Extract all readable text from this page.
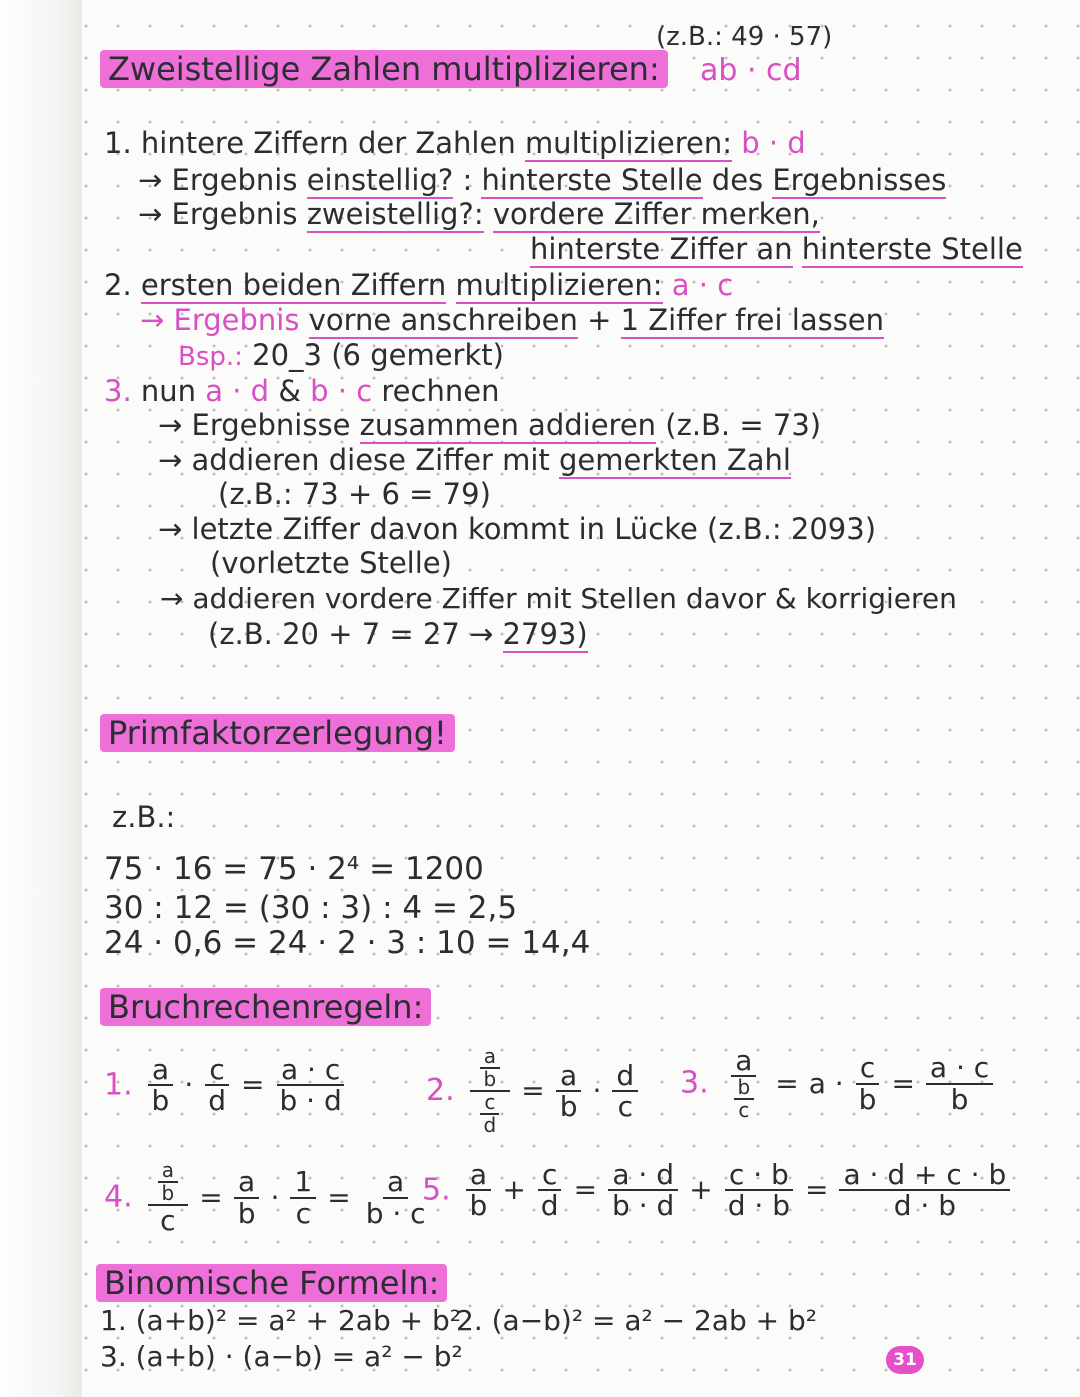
Zweistellige Zahlen multiplizieren:
(z.B.: 49 · 57)
ab · cd
1. hintere Ziffern der Zahlen multiplizieren: b · d
→ Ergebnis einstellig? : hinterste Stelle des Ergebnisses
→ Ergebnis zweistellig?: vordere Ziffer merken,
hinterste Ziffer an hinterste Stelle
2. ersten beiden Ziffern multiplizieren: a · c
→ Ergebnis vorne anschreiben + 1 Ziffer frei lassen
Bsp.: 20_3 (6 gemerkt)
3. nun a · d & b · c rechnen
→ Ergebnisse zusammen addieren (z.B. = 73)
→ addieren diese Ziffer mit gemerkten Zahl
(z.B.: 73 + 6 = 79)
→ letzte Ziffer davon kommt in Lücke (z.B.: 2093)
(vorletzte Stelle)
→ addieren vordere Ziffer mit Stellen davor & korrigieren
(z.B. 20 + 7 = 27 → 2793)
Primfaktorzerlegung!
z.B.:
75 · 16 = 75 · 2⁴ = 1200
30 : 12 = (30 : 3) : 4 = 2,5
24 · 0,6 = 24 · 2 · 3 : 10 = 14,4
Bruchrechenregeln:
1. $\frac{a}{b} \cdot \frac{c}{d} = \frac{a \cdot c}{b \cdot d}$	2. $\frac{\frac{a}{b}}{\frac{c}{d}} = \frac{a}{b} \cdot \frac{d}{c} 3$. $\frac{a}{\frac{b}{c}} = a \cdot \frac{c}{b} = \frac{a \cdot c}{b}$
4. $\frac{\frac{a}{b}}{c} = \frac{a}{b} \cdot \frac{1}{c} = \frac{a}{b \cdot c}$
5. $\frac{a}{b} + \frac{c}{d} = \frac{a \cdot d}{b \cdot d} + \frac{c \cdot b}{d \cdot b} = \frac{a \cdot d + c \cdot b}{d \cdot b}$
Binomische Formeln:
1. (a+b)² = a² + 2ab + b²
2. (a−b)² = a² − 2ab + b²
3. (a+b) · (a−b) = a² − b²	31
